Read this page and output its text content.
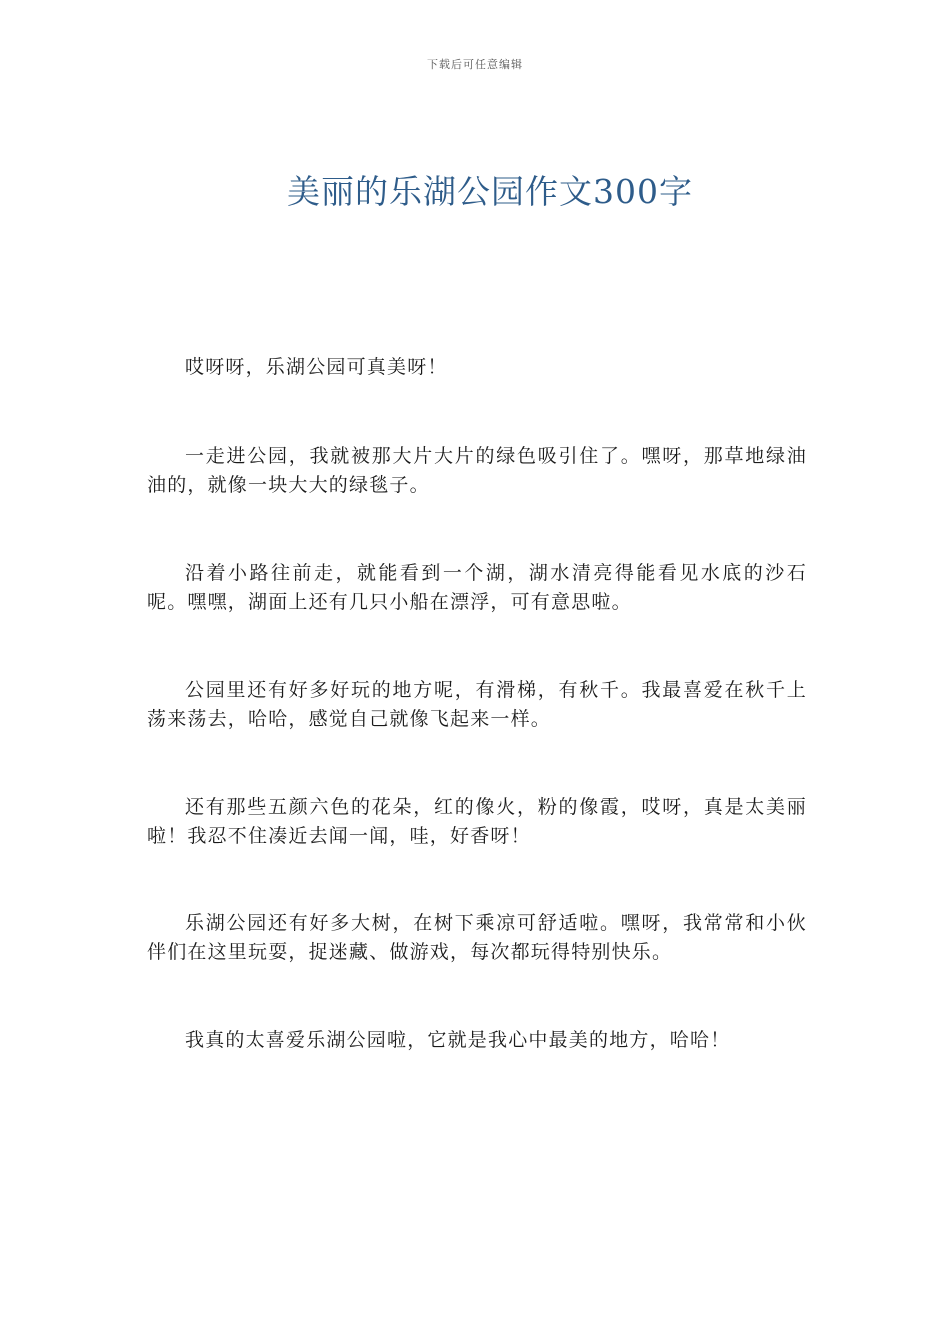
下载后可任意编辑
美丽的乐湖公园作文300字

哎呀呀，乐湖公园可真美呀！

一走进公园，我就被那大片大片的绿色吸引住了。嘿呀，那草地绿油油的，就像一块大大的绿毯子。

沿着小路往前走，就能看到一个湖，湖水清亮得能看见水底的沙石呢。嘿嘿，湖面上还有几只小船在漂浮，可有意思啦。

公园里还有好多好玩的地方呢，有滑梯，有秋千。我最喜爱在秋千上荡来荡去，哈哈，感觉自己就像飞起来一样。

还有那些五颜六色的花朵，红的像火，粉的像霞，哎呀，真是太美丽啦！我忍不住凑近去闻一闻，哇，好香呀！

乐湖公园还有好多大树，在树下乘凉可舒适啦。嘿呀，我常常和小伙伴们在这里玩耍，捉迷藏、做游戏，每次都玩得特别快乐。

我真的太喜爱乐湖公园啦，它就是我心中最美的地方，哈哈！
